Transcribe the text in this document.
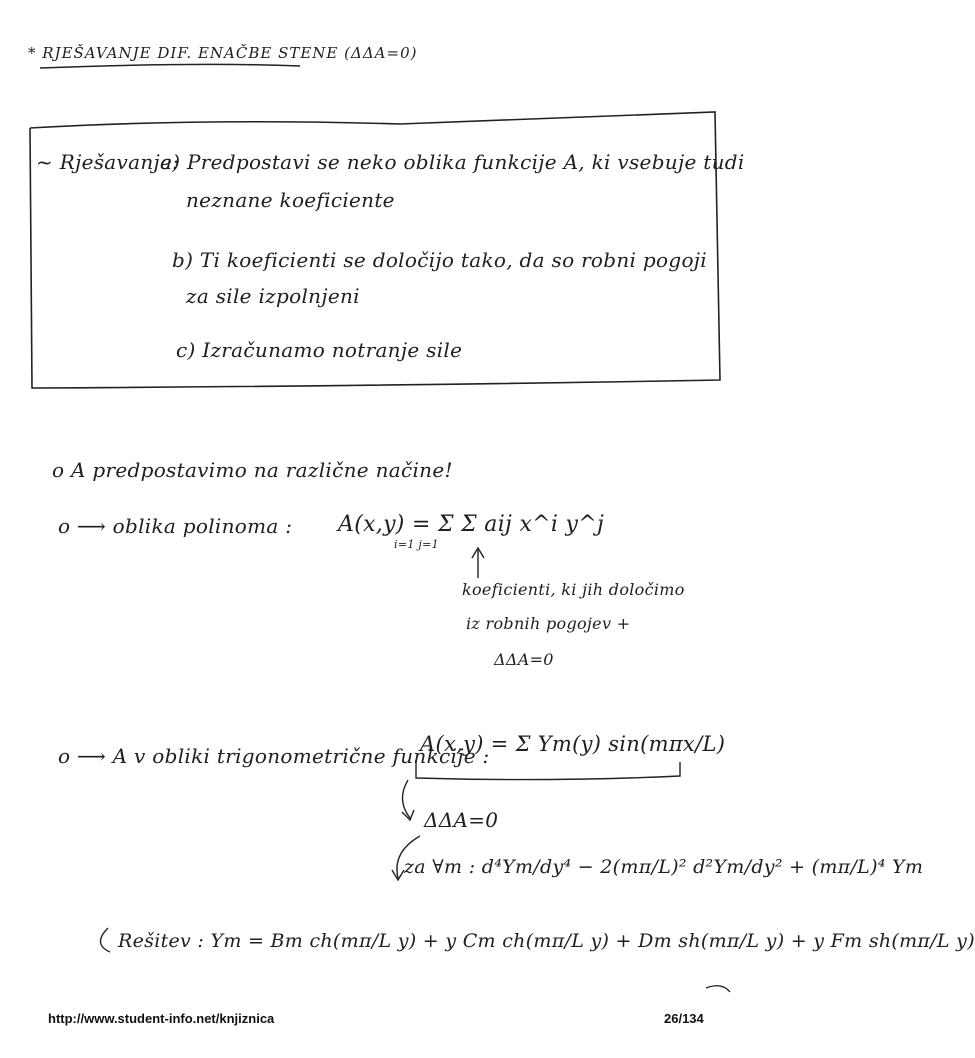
* RJEŠAVANJE DIF. ENAČBE STENE (ΔΔA=0)
~ Rješavanje:
a) Predpostavi se neko oblika funkcije A, ki vsebuje tudi
neznane koeficiente
b) Ti koeficienti se določijo tako, da so robni pogoji
za sile izpolnjeni
c) Izračunamo notranje sile
o A predpostavimo na različne načine!
o ⟶ oblika polinoma : A(x,y) = Σ Σ aij x^i y^j
i=1 j=1
koeficienti, ki jih določimo
iz robnih pogojev +
ΔΔA=0
o ⟶ A v obliki trigonometrične funkcije :
A(x,y) = Σ Ym(y) sin(mπx/L)
ΔΔA=0
za ∀m : d⁴Ym/dy⁴ − 2(mπ/L)² d²Ym/dy² + (mπ/L)⁴ Ym
Rešitev : Ym = Bm ch(mπ/L y) + y Cm ch(mπ/L y) + Dm sh(mπ/L y) + y Fm sh(mπ/L y)
http://www.student-info.net/knjiznica	26/134
